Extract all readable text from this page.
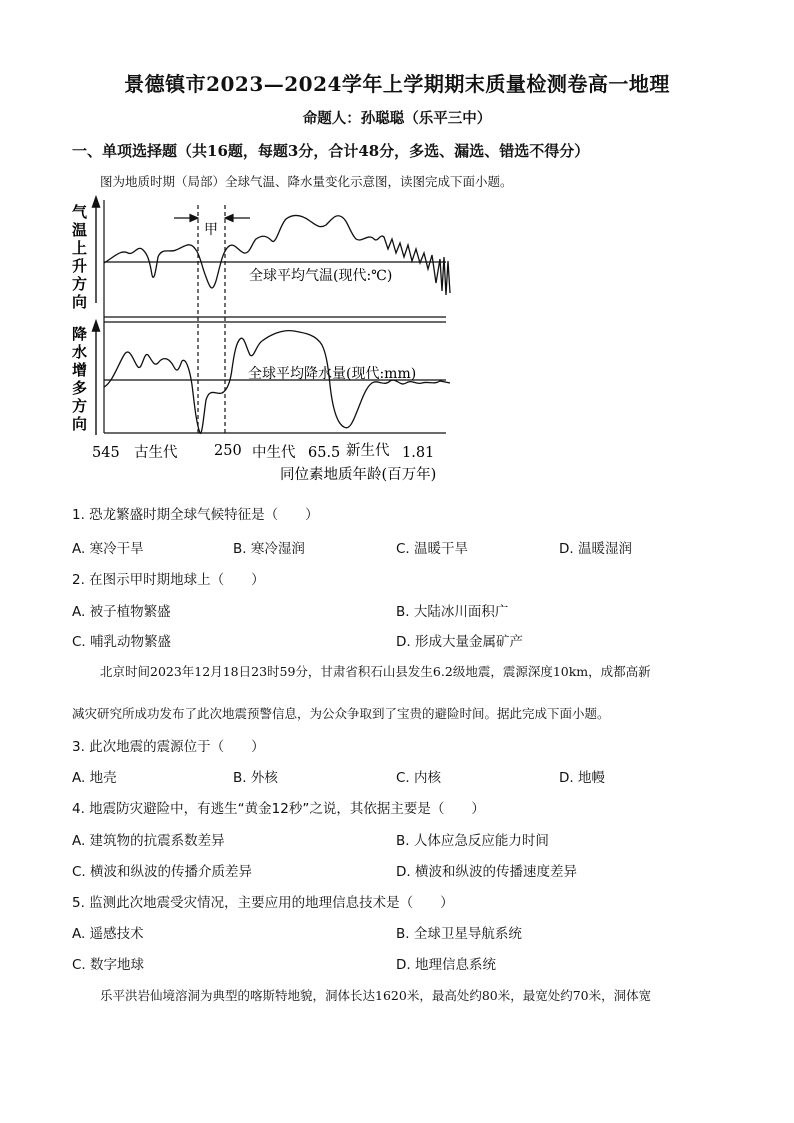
景德镇市2023—2024学年上学期期末质量检测卷高一地理
命题人：孙聪聪（乐平三中）
一、单项选择题（共16题，每题3分，合计48分，多选、漏选、错选不得分）
图为地质时期（局部）全球气温、降水量变化示意图，读图完成下面小题。
气
温
上
升
方
向
降
水
增
多
方
向
甲
全球平均气温(现代:℃)
全球平均降水量(现代:mm)
545 古生代	250 中生代 65.5 新生代 1.81
同位素地质年龄(百万年)
1. 恐龙繁盛时期全球气候特征是（　　）
A. 寒冷干旱	B. 寒冷湿润	C. 温暖干旱	D. 温暖湿润
2. 在图示甲时期地球上（　　）
A. 被子植物繁盛	B. 大陆冰川面积广
C. 哺乳动物繁盛	D. 形成大量金属矿产
北京时间2023年12月18日23时59分，甘肃省积石山县发生6.2级地震，震源深度10km，成都高新
减灾研究所成功发布了此次地震预警信息，为公众争取到了宝贵的避险时间。据此完成下面小题。
3. 此次地震的震源位于（　　）
A. 地壳	B. 外核	C. 内核	D. 地幔
4. 地震防灾避险中，有逃生“黄金12秒”之说，其依据主要是（　　）
A. 建筑物的抗震系数差异	B. 人体应急反应能力时间
C. 横波和纵波的传播介质差异	D. 横波和纵波的传播速度差异
5. 监测此次地震受灾情况，主要应用的地理信息技术是（　　）
A. 遥感技术	B. 全球卫星导航系统
C. 数字地球	D. 地理信息系统
乐平洪岩仙境溶洞为典型的喀斯特地貌，洞体长达1620米，最高处约80米，最宽处约70米，洞体宽
